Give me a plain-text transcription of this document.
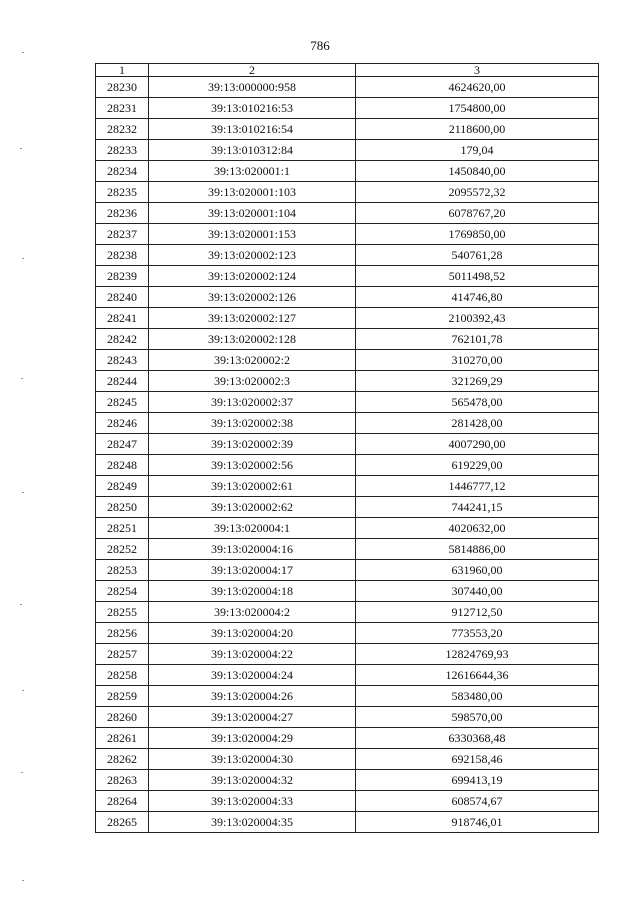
786
1	2	3
28230	39:13:000000:958	4624620,00
28231	39:13:010216:53	1754800,00
28232	39:13:010216:54	2118600,00
28233	39:13:010312:84	179,04
28234	39:13:020001:1	1450840,00
28235	39:13:020001:103	2095572,32
28236	39:13:020001:104	6078767,20
28237	39:13:020001:153	1769850,00
28238	39:13:020002:123	540761,28
28239	39:13:020002:124	5011498,52
28240	39:13:020002:126	414746,80
28241	39:13:020002:127	2100392,43
28242	39:13:020002:128	762101,78
28243	39:13:020002:2	310270,00
28244	39:13:020002:3	321269,29
28245	39:13:020002:37	565478,00
28246	39:13:020002:38	281428,00
28247	39:13:020002:39	4007290,00
28248	39:13:020002:56	619229,00
28249	39:13:020002:61	1446777,12
28250	39:13:020002:62	744241,15
28251	39:13:020004:1	4020632,00
28252	39:13:020004:16	5814886,00
28253	39:13:020004:17	631960,00
28254	39:13:020004:18	307440,00
28255	39:13:020004:2	912712,50
28256	39:13:020004:20	773553,20
28257	39:13:020004:22	12824769,93
28258	39:13:020004:24	12616644,36
28259	39:13:020004:26	583480,00
28260	39:13:020004:27	598570,00
28261	39:13:020004:29	6330368,48
28262	39:13:020004:30	692158,46
28263	39:13:020004:32	699413,19
28264	39:13:020004:33	608574,67
28265	39:13:020004:35	918746,01
